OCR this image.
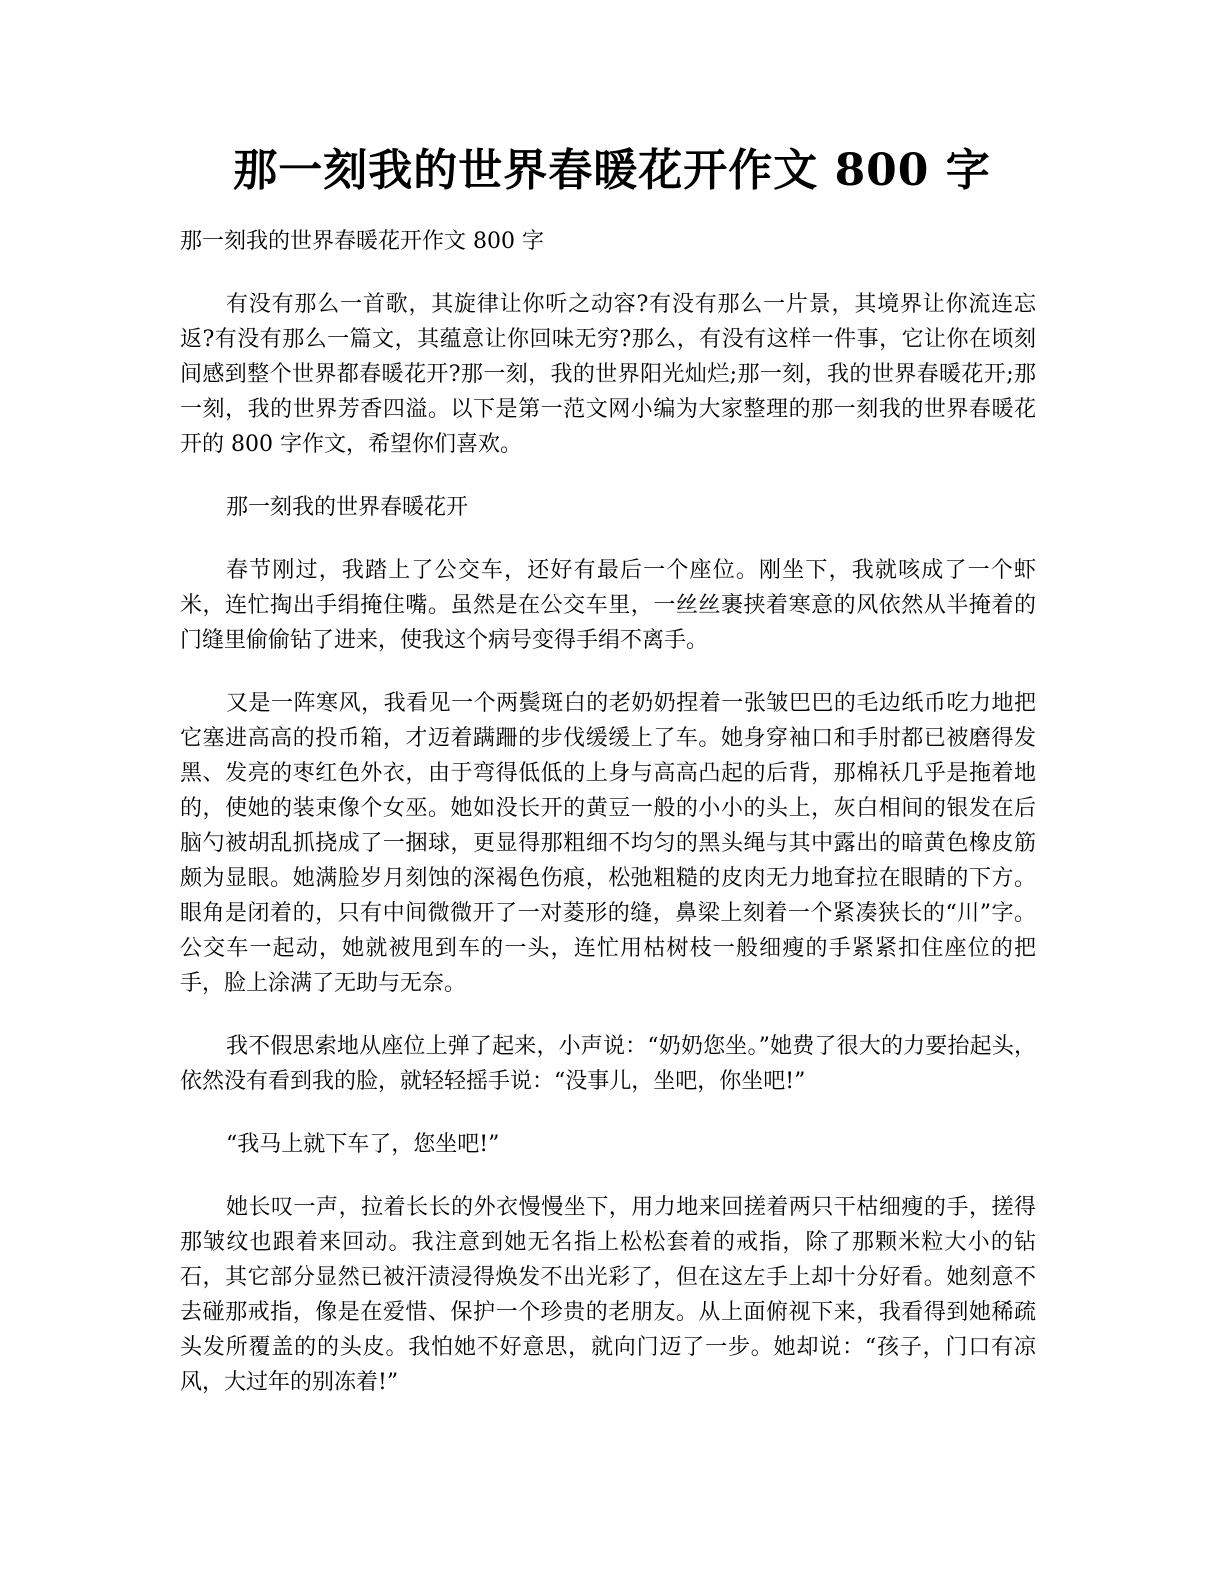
那一刻我的世界春暖花开作文 800 字

那一刻我的世界春暖花开作文 800 字

有没有那么一首歌，其旋律让你听之动容?有没有那么一片景，其境界让你流连忘返?有没有那么一篇文，其蕴意让你回味无穷?那么，有没有这样一件事，它让你在顷刻间感到整个世界都春暖花开?那一刻，我的世界阳光灿烂;那一刻，我的世界春暖花开;那一刻，我的世界芳香四溢。以下是第一范文网小编为大家整理的那一刻我的世界春暖花开的 800 字作文，希望你们喜欢。

那一刻我的世界春暖花开

春节刚过，我踏上了公交车，还好有最后一个座位。刚坐下，我就咳成了一个虾米，连忙掏出手绢掩住嘴。虽然是在公交车里，一丝丝裹挟着寒意的风依然从半掩着的门缝里偷偷钻了进来，使我这个病号变得手绢不离手。

又是一阵寒风，我看见一个两鬓斑白的老奶奶捏着一张皱巴巴的毛边纸币吃力地把它塞进高高的投币箱，才迈着蹒跚的步伐缓缓上了车。她身穿袖口和手肘都已被磨得发黑、发亮的枣红色外衣，由于弯得低低的上身与高高凸起的后背，那棉袄几乎是拖着地的，使她的装束像个女巫。她如没长开的黄豆一般的小小的头上，灰白相间的银发在后脑勺被胡乱抓挠成了一捆球，更显得那粗细不均匀的黑头绳与其中露出的暗黄色橡皮筋颇为显眼。她满脸岁月刻蚀的深褐色伤痕，松弛粗糙的皮肉无力地耷拉在眼睛的下方。眼角是闭着的，只有中间微微开了一对菱形的缝，鼻梁上刻着一个紧凑狭长的“川”字。公交车一起动，她就被甩到车的一头，连忙用枯树枝一般细瘦的手紧紧扣住座位的把手，脸上涂满了无助与无奈。

我不假思索地从座位上弹了起来，小声说：“奶奶您坐。”她费了很大的力要抬起头，依然没有看到我的脸，就轻轻摇手说：“没事儿，坐吧，你坐吧!”

“我马上就下车了，您坐吧!”

她长叹一声，拉着长长的外衣慢慢坐下，用力地来回搓着两只干枯细瘦的手，搓得那皱纹也跟着来回动。我注意到她无名指上松松套着的戒指，除了那颗米粒大小的钻石，其它部分显然已被汗渍浸得焕发不出光彩了，但在这左手上却十分好看。她刻意不去碰那戒指，像是在爱惜、保护一个珍贵的老朋友。从上面俯视下来，我看得到她稀疏头发所覆盖的的头皮。我怕她不好意思，就向门迈了一步。她却说：“孩子，门口有凉风，大过年的别冻着!”
